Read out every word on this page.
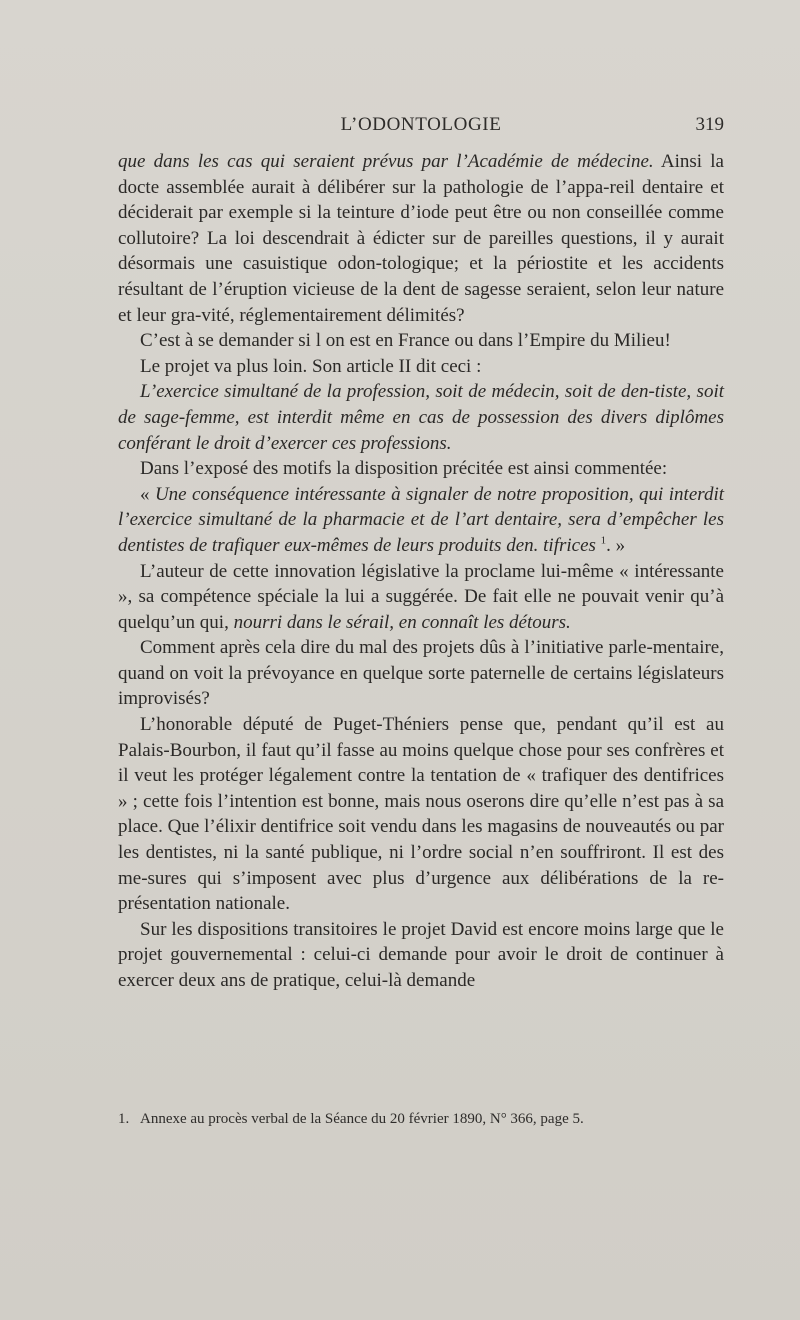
L’ODONTOLOGIE	319

que dans les cas qui seraient prévus par l’Académie de médecine. Ainsi la docte assemblée aurait à délibérer sur la pathologie de l’appa-reil dentaire et déciderait par exemple si la teinture d’iode peut être ou non conseillée comme collutoire? La loi descendrait à édicter sur de pareilles questions, il y aurait désormais une casuistique odon-tologique; et la périostite et les accidents résultant de l’éruption vicieuse de la dent de sagesse seraient, selon leur nature et leur gra-vité, réglementairement délimités?

C’est à se demander si l on est en France ou dans l’Empire du Milieu!

Le projet va plus loin. Son article II dit ceci :

L’exercice simultané de la profession, soit de médecin, soit de den-tiste, soit de sage-femme, est interdit même en cas de possession des divers diplômes conférant le droit d’exercer ces professions.

Dans l’exposé des motifs la disposition précitée est ainsi commentée:

« Une conséquence intéressante à signaler de notre proposition, qui interdit l’exercice simultané de la pharmacie et de l’art dentaire, sera d’empêcher les dentistes de trafiquer eux-mêmes de leurs produits den. tifrices $^1$. »

L’auteur de cette innovation législative la proclame lui-même « intéressante », sa compétence spéciale la lui a suggérée. De fait elle ne pouvait venir qu’à quelqu’un qui, nourri dans le sérail, en connaît les détours.

Comment après cela dire du mal des projets dûs à l’initiative parle-mentaire, quand on voit la prévoyance en quelque sorte paternelle de certains législateurs improvisés?

L’honorable député de Puget-Théniers pense que, pendant qu’il est au Palais-Bourbon, il faut qu’il fasse au moins quelque chose pour ses confrères et il veut les protéger légalement contre la tentation de « trafiquer des dentifrices » ; cette fois l’intention est bonne, mais nous oserons dire qu’elle n’est pas à sa place. Que l’élixir dentifrice soit vendu dans les magasins de nouveautés ou par les dentistes, ni la santé publique, ni l’ordre social n’en souffriront. Il est des me-sures qui s’imposent avec plus d’urgence aux délibérations de la re-présentation nationale.

Sur les dispositions transitoires le projet David est encore moins large que le projet gouvernemental : celui-ci demande pour avoir le droit de continuer à exercer deux ans de pratique, celui-là demande

1. Annexe au procès verbal de la Séance du 20 février 1890, N° 366, page 5.
